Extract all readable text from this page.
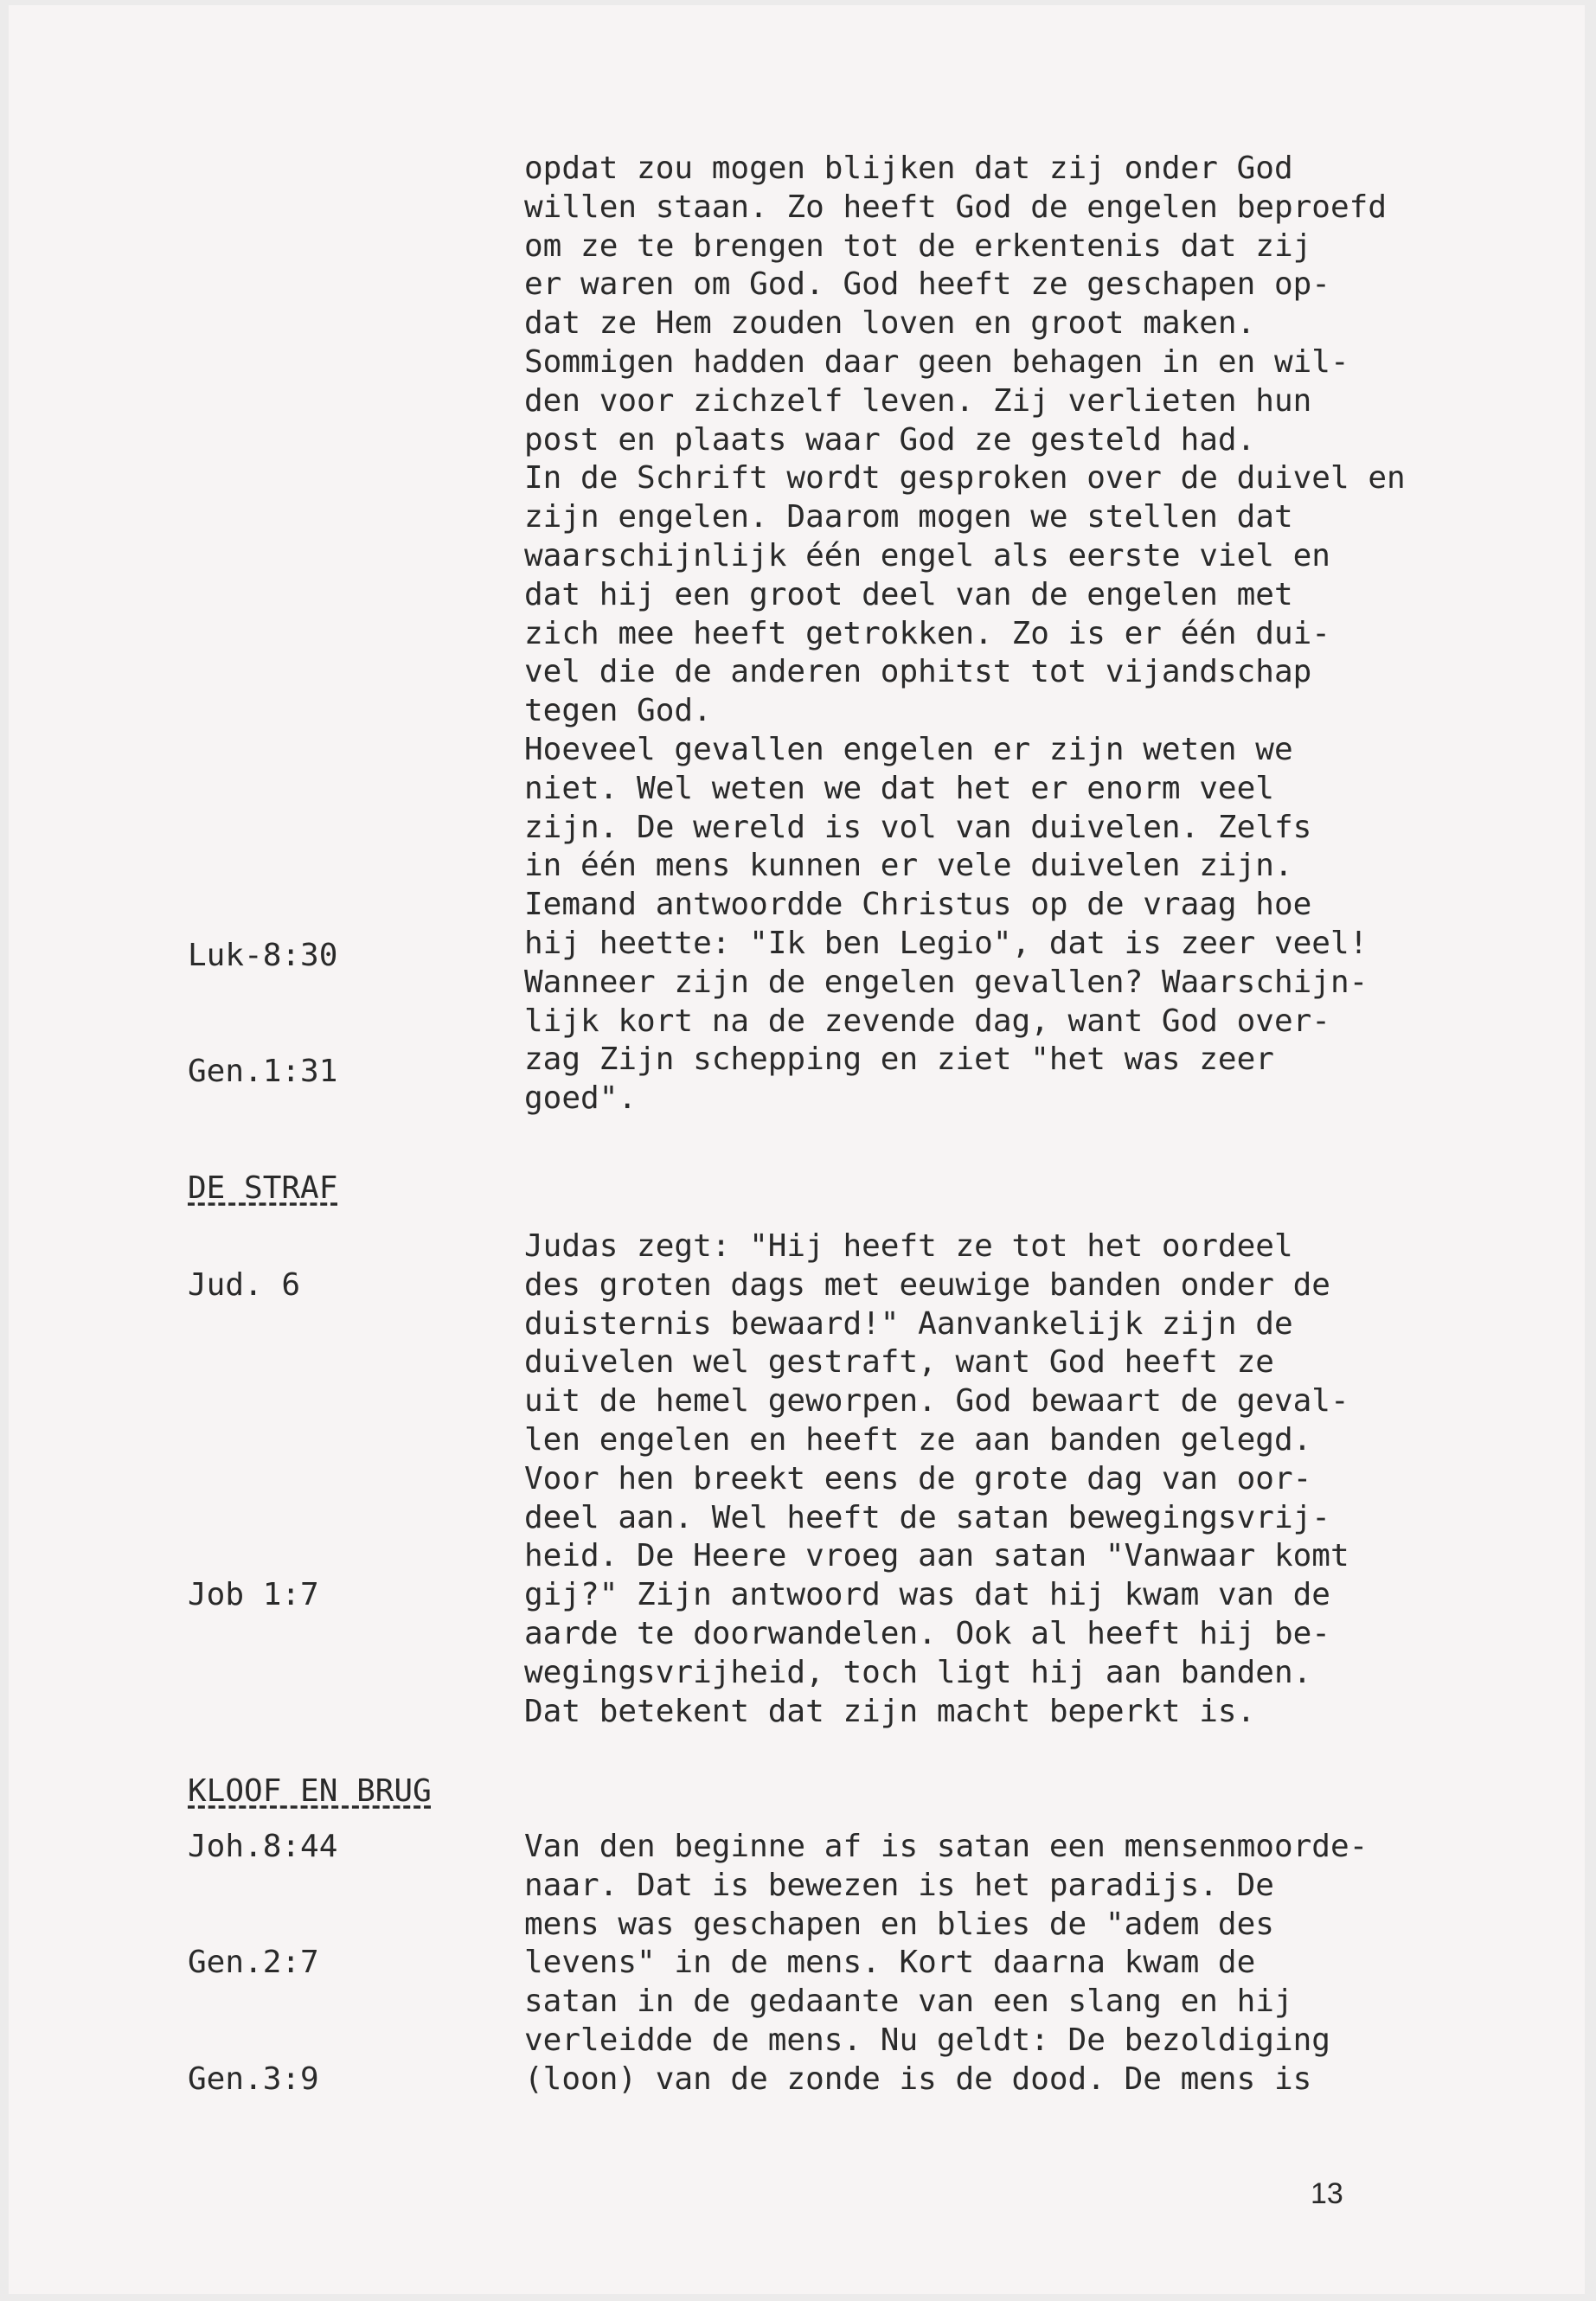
opdat zou mogen blijken dat zij onder God
willen staan. Zo heeft God de engelen beproefd
om ze te brengen tot de erkentenis dat zij
er waren om God. God heeft ze geschapen op-
dat ze Hem zouden loven en groot maken.
Sommigen hadden daar geen behagen in en wil-
den voor zichzelf leven. Zij verlieten hun
post en plaats waar God ze gesteld had.
In de Schrift wordt gesproken over de duivel en
zijn engelen. Daarom mogen we stellen dat
waarschijnlijk één engel als eerste viel en
dat hij een groot deel van de engelen met
zich mee heeft getrokken. Zo is er één dui-
vel die de anderen ophitst tot vijandschap
tegen God.
Hoeveel gevallen engelen er zijn weten we
niet. Wel weten we dat het er enorm veel
zijn. De wereld is vol van duivelen. Zelfs
in één mens kunnen er vele duivelen zijn.
Iemand antwoordde Christus op de vraag hoe
hij heette: "Ik ben Legio", dat is zeer veel!
Wanneer zijn de engelen gevallen? Waarschijn-
lijk kort na de zevende dag, want God over-
zag Zijn schepping en ziet "het was zeer
goed".
Luk-8:30
Gen.1:31
DE STRAF
Judas zegt: "Hij heeft ze tot het oordeel
des groten dags met eeuwige banden onder de
duisternis bewaard!" Aanvankelijk zijn de
duivelen wel gestraft, want God heeft ze
uit de hemel geworpen. God bewaart de geval-
len engelen en heeft ze aan banden gelegd.
Voor hen breekt eens de grote dag van oor-
deel aan. Wel heeft de satan bewegingsvrij-
heid. De Heere vroeg aan satan "Vanwaar komt
gij?" Zijn antwoord was dat hij kwam van de
aarde te doorwandelen. Ook al heeft hij be-
wegingsvrijheid, toch ligt hij aan banden.
Dat betekent dat zijn macht beperkt is.
Jud. 6
Job 1:7
KLOOF EN BRUG
Van den beginne af is satan een mensenmoorde-
naar. Dat is bewezen is het paradijs. De
mens was geschapen en blies de "adem des
levens" in de mens. Kort daarna kwam de
satan in de gedaante van een slang en hij
verleidde de mens. Nu geldt: De bezoldiging
(loon) van de zonde is de dood. De mens is
Joh.8:44
Gen.2:7
Gen.3:9
13
